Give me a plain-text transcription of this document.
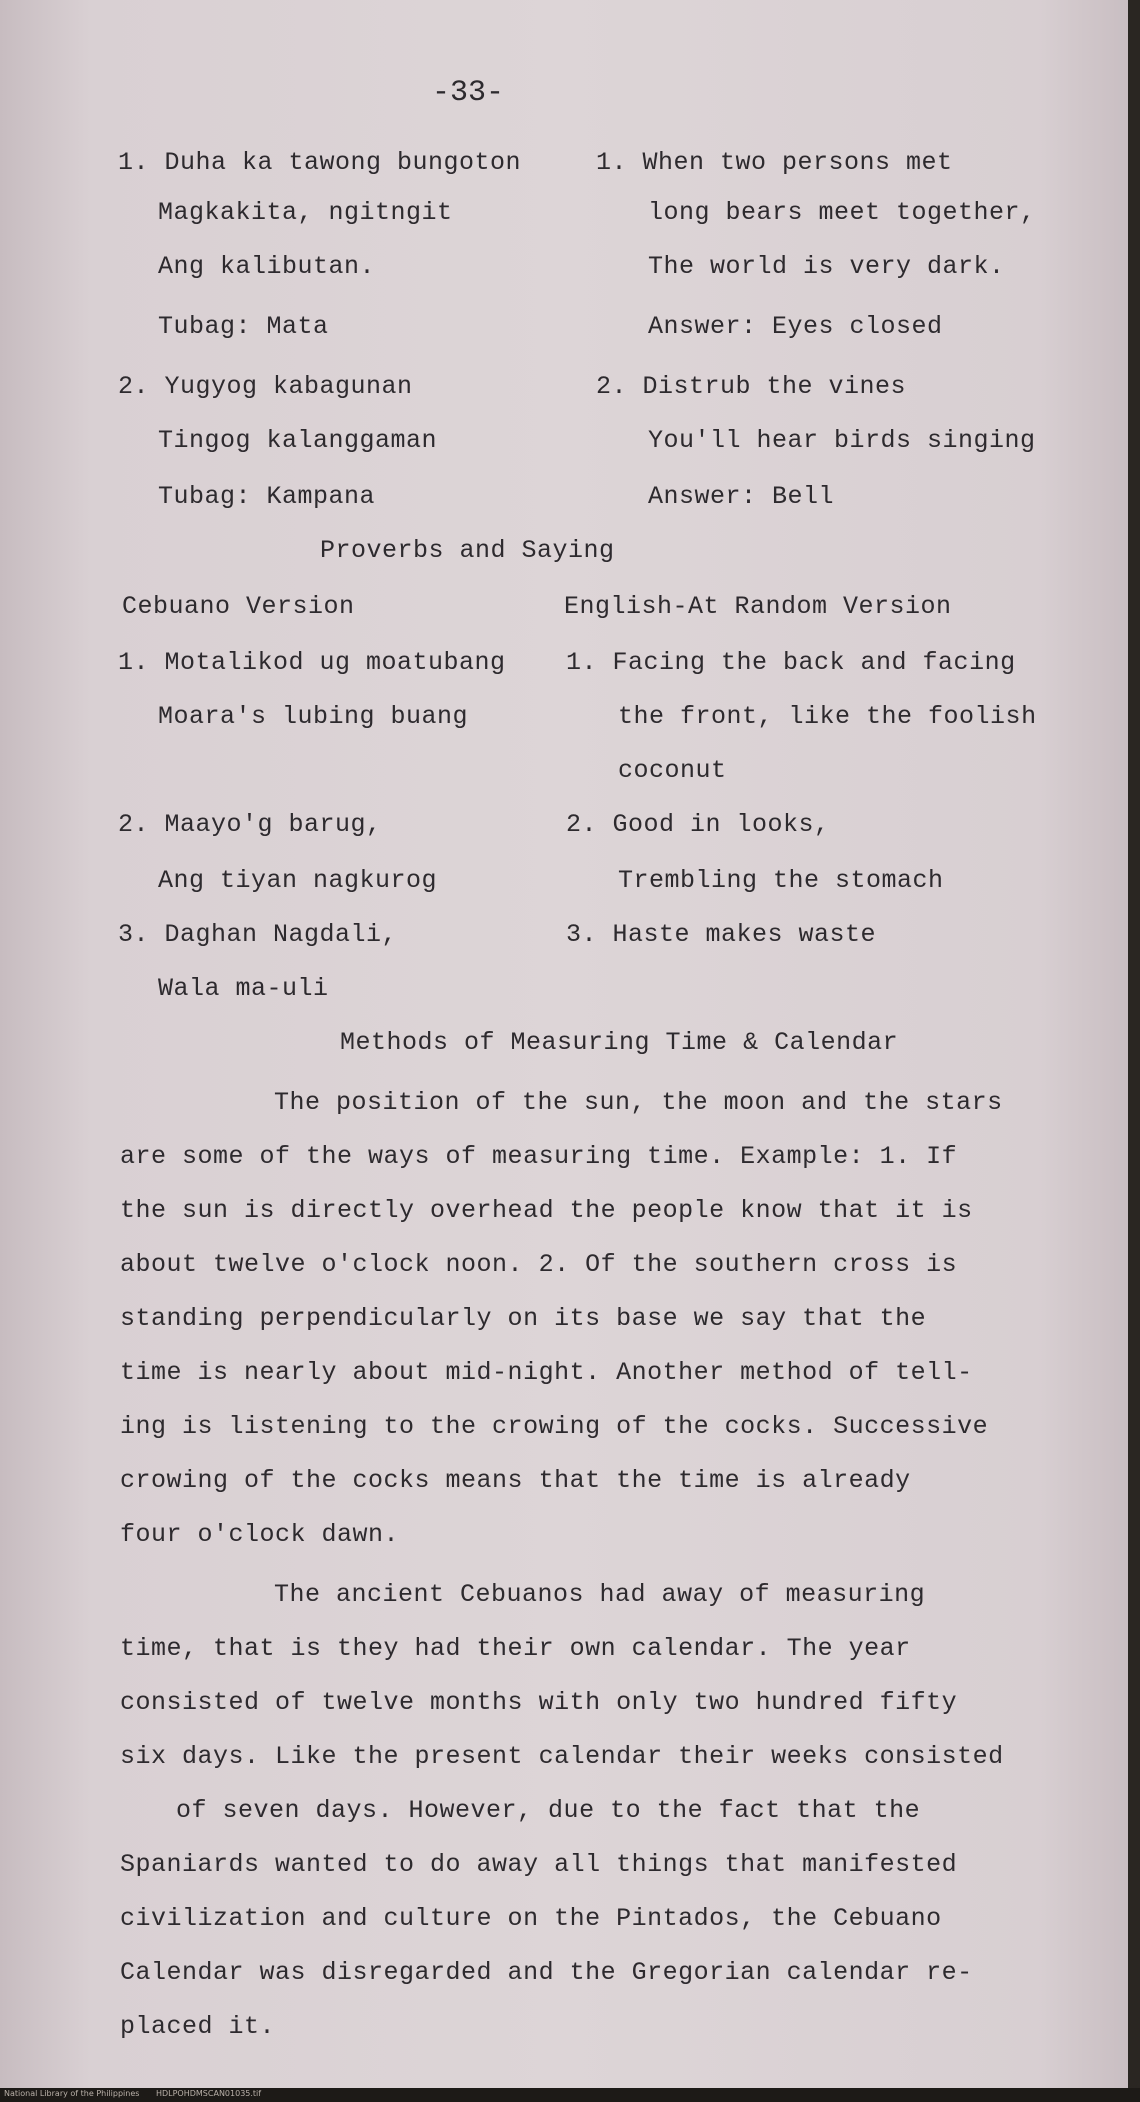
-33-
1. Duha ka tawong bungoton
Magkakita, ngitngit
Ang kalibutan.
Tubag: Mata
2. Yugyog kabagunan
Tingog kalanggaman
Tubag: Kampana
1. When two persons met
long bears meet together,
The world is very dark.
Answer: Eyes closed
2. Distrub the vines
You'll hear birds singing
Answer: Bell
Proverbs and Saying
Cebuano Version	English-At Random Version
1. Motalikod ug moatubang
Moara's lubing buang
2. Maayo'g barug,
Ang tiyan nagkurog
3. Daghan Nagdali,
Wala ma-uli
1. Facing the back and facing
the front, like the foolish
coconut
2. Good in looks,
Trembling the stomach
3. Haste makes waste
Methods of Measuring Time & Calendar
The position of the sun, the moon and the stars
are some of the ways of measuring time. Example: 1. If
the sun is directly overhead the people know that it is
about twelve o'clock noon. 2. Of the southern cross is
standing perpendicularly on its base we say that the
time is nearly about mid-night. Another method of tell-
ing is listening to the crowing of the cocks. Successive
crowing of the cocks means that the time is already
four o'clock dawn.
The ancient Cebuanos had away of measuring
time, that is they had their own calendar. The year
consisted of twelve months with only two hundred fifty
six days. Like the present calendar their weeks consisted
of seven days. However, due to the fact that the
Spaniards wanted to do away all things that manifested
civilization and culture on the Pintados, the Cebuano
Calendar was disregarded and the Gregorian calendar re-
placed it.
National Library of the Philippines HDLPOHDMSCAN01035.tif
